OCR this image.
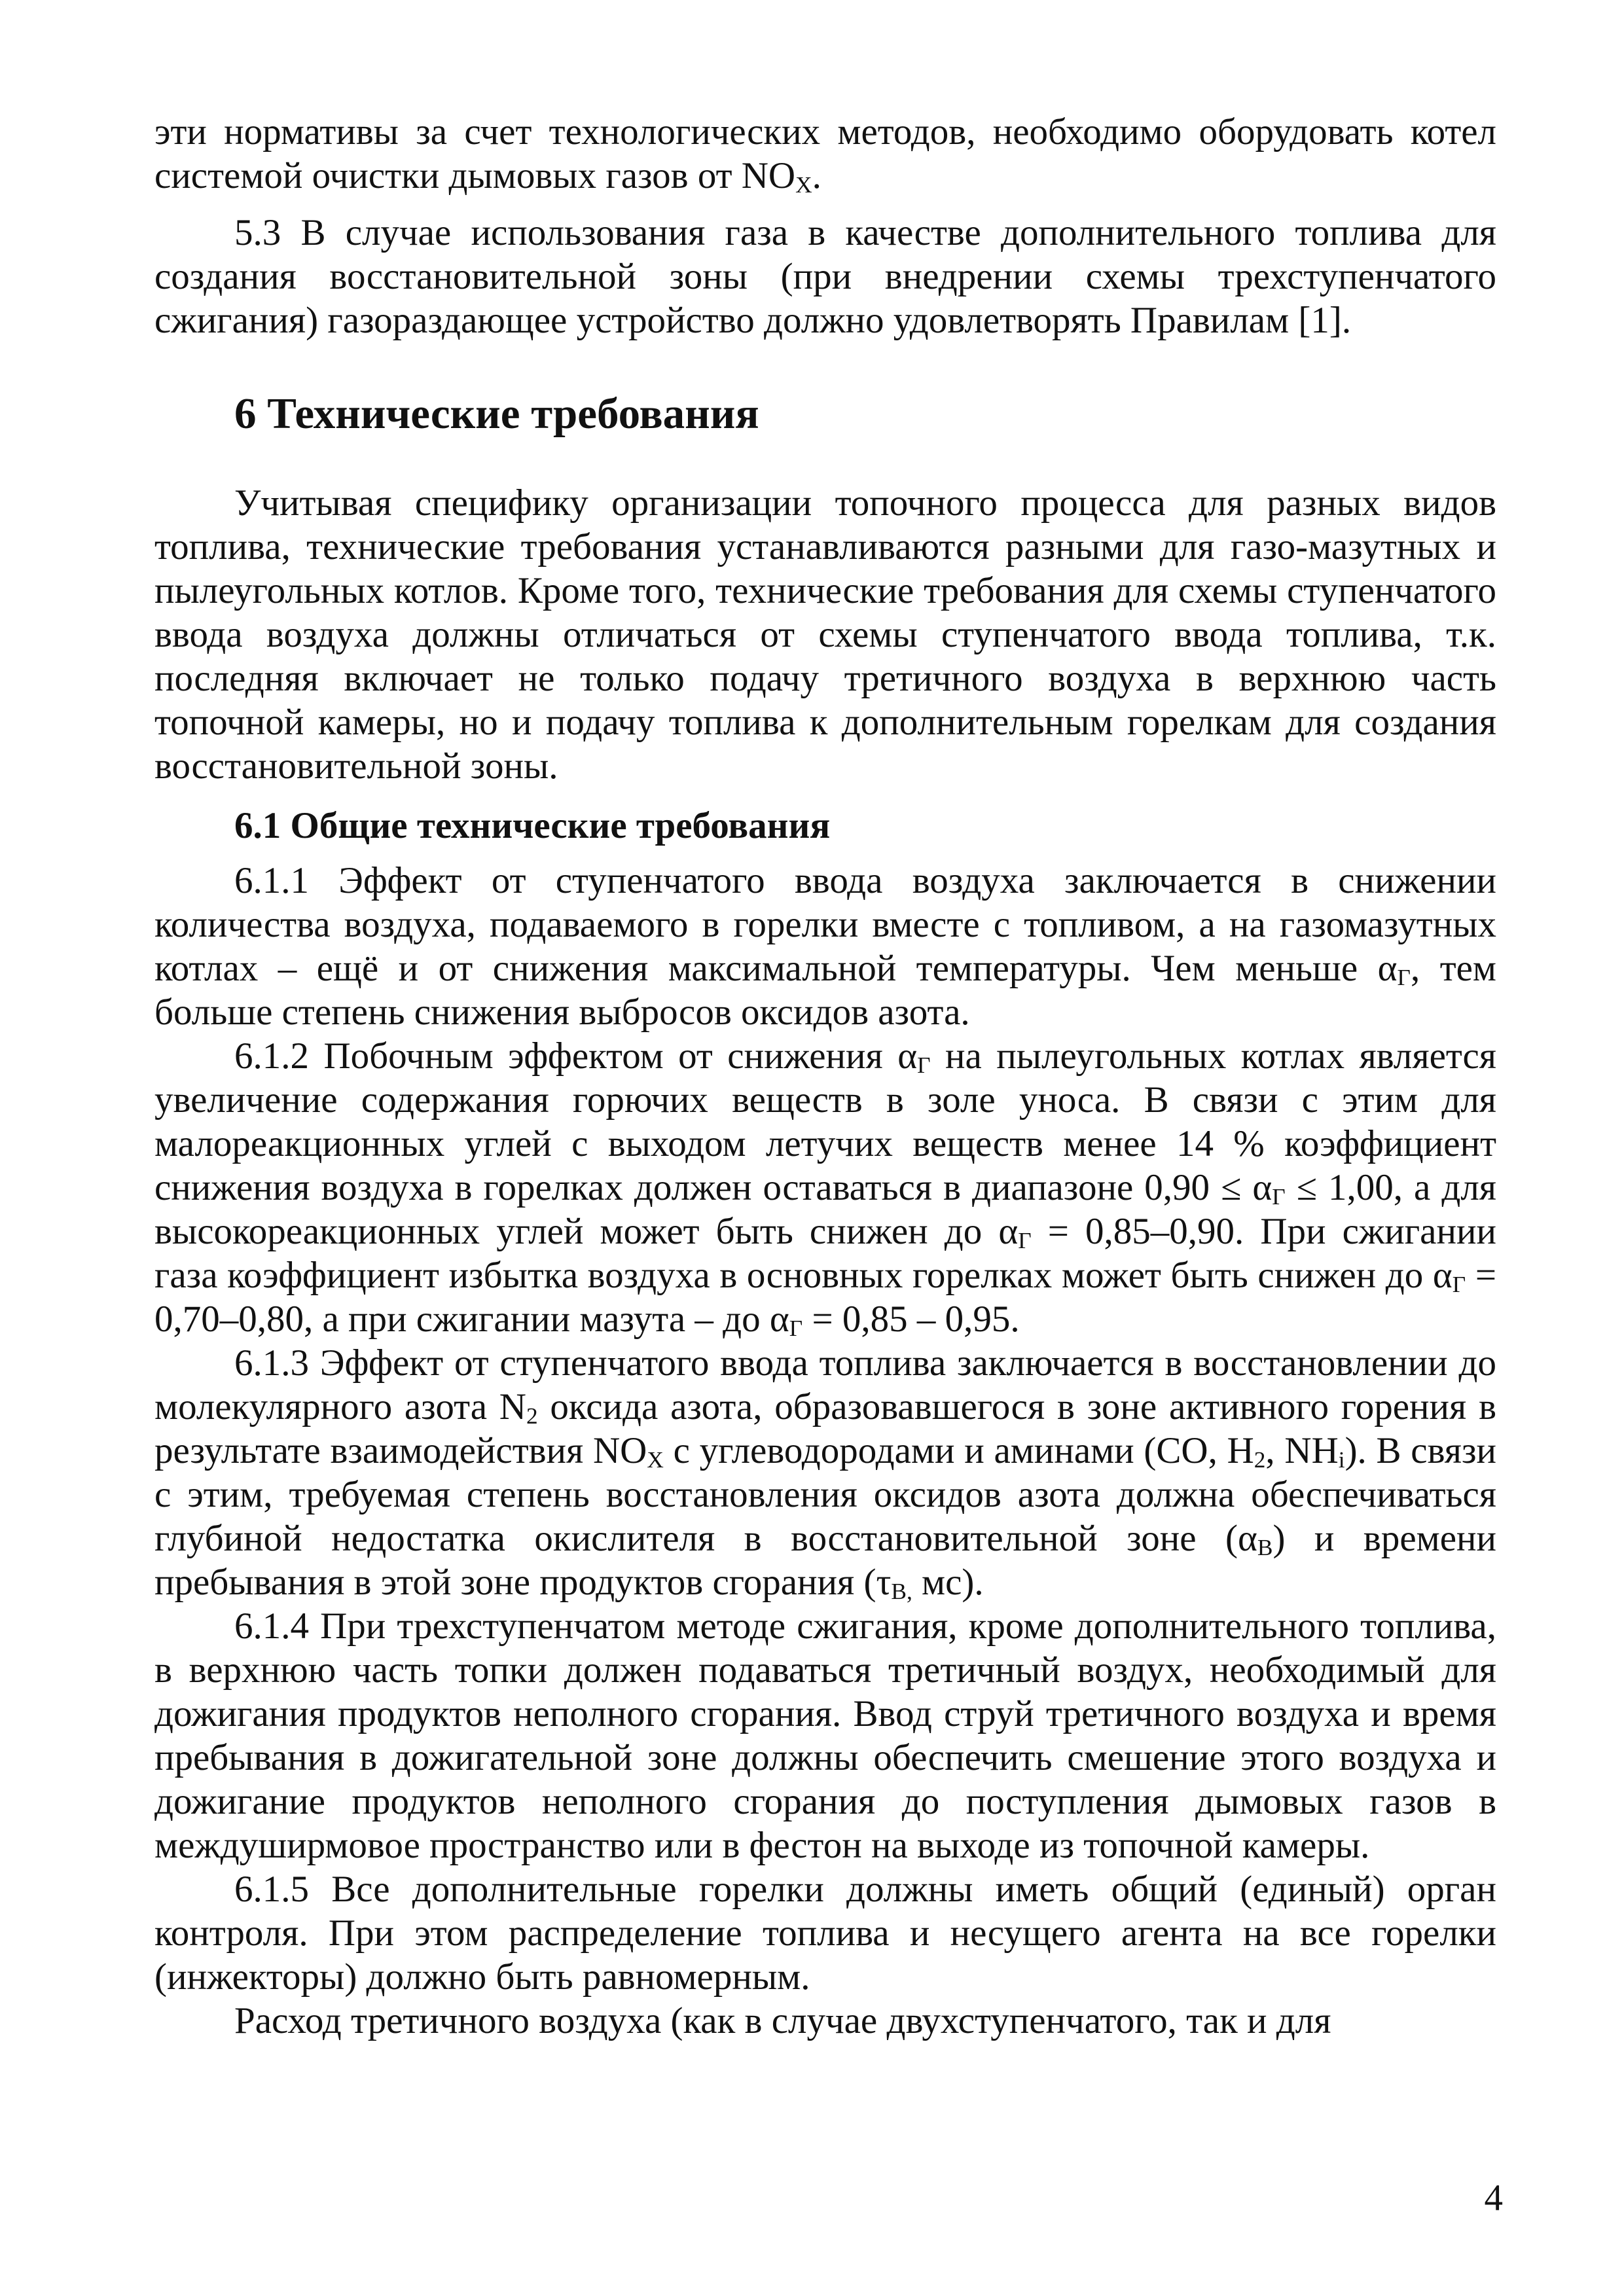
эти нормативы за счет технологических методов, необходимо оборудовать котел системой очистки дымовых газов от $NO_X$.

5.3 В случае использования газа в качестве дополнительного топлива для создания восстановительной зоны (при внедрении схемы трехступенчатого сжигания) газораздающее устройство должно удовлетворять Правилам [1].

6 Технические требования

Учитывая специфику организации топочного процесса для разных видов топлива, технические требования устанавливаются разными для газо-мазутных и пылеугольных котлов. Кроме того, технические требования для схемы ступенчатого ввода воздуха должны отличаться от схемы ступенчатого ввода топлива, т.к. последняя включает не только подачу третичного воздуха в верхнюю часть топочной камеры, но и подачу топлива к дополнительным горелкам для создания восстановительной зоны.

6.1 Общие технические требования

6.1.1 Эффект от ступенчатого ввода воздуха заключается в снижении количества воздуха, подаваемого в горелки вместе с топливом, а на газомазутных котлах – ещё и от снижения максимальной температуры. Чем меньше $\alpha_Г$, тем больше степень снижения выбросов оксидов азота.

6.1.2 Побочным эффектом от снижения $\alpha_Г$ на пылеугольных котлах является увеличение содержания горючих веществ в золе уноса. В связи с этим для малореакционных углей с выходом летучих веществ менее 14 % коэффициент снижения воздуха в горелках должен оставаться в диапазоне $0,90 \le \alpha_Г \le 1,00$, а для высокореакционных углей может быть снижен до $\alpha_Г = 0,85-0,90$. При сжигании газа коэффициент избытка воздуха в основных горелках может быть снижен до $\alpha_Г = 0,70-0,80$, а при сжигании мазута – до $\alpha_Г = 0,85 - 0,95$.

6.1.3 Эффект от ступенчатого ввода топлива заключается в восстановлении до молекулярного азота $N_2$ оксида азота, образовавшегося в зоне активного горения в результате взаимодействия $NO_X$ с углеводородами и аминами (CO, $H_2$, $NH_i$). В связи с этим, требуемая степень восстановления оксидов азота должна обеспечиваться глубиной недостатка окислителя в восстановительной зоне $(\alpha_В)$ и времени пребывания в этой зоне продуктов сгорания ($\tau_{В,}$ мс).

6.1.4 При трехступенчатом методе сжигания, кроме дополнительного топлива, в верхнюю часть топки должен подаваться третичный воздух, необходимый для дожигания продуктов неполного сгорания. Ввод струй третичного воздуха и время пребывания в дожигательной зоне должны обеспечить смешение этого воздуха и дожигание продуктов неполного сгорания до поступления дымовых газов в междуширмовое пространство или в фестон на выходе из топочной камеры.

6.1.5 Все дополнительные горелки должны иметь общий (единый) орган контроля. При этом распределение топлива и несущего агента на все горелки (инжекторы) должно быть равномерным.

Расход третичного воздуха (как в случае двухступенчатого, так и для

4
